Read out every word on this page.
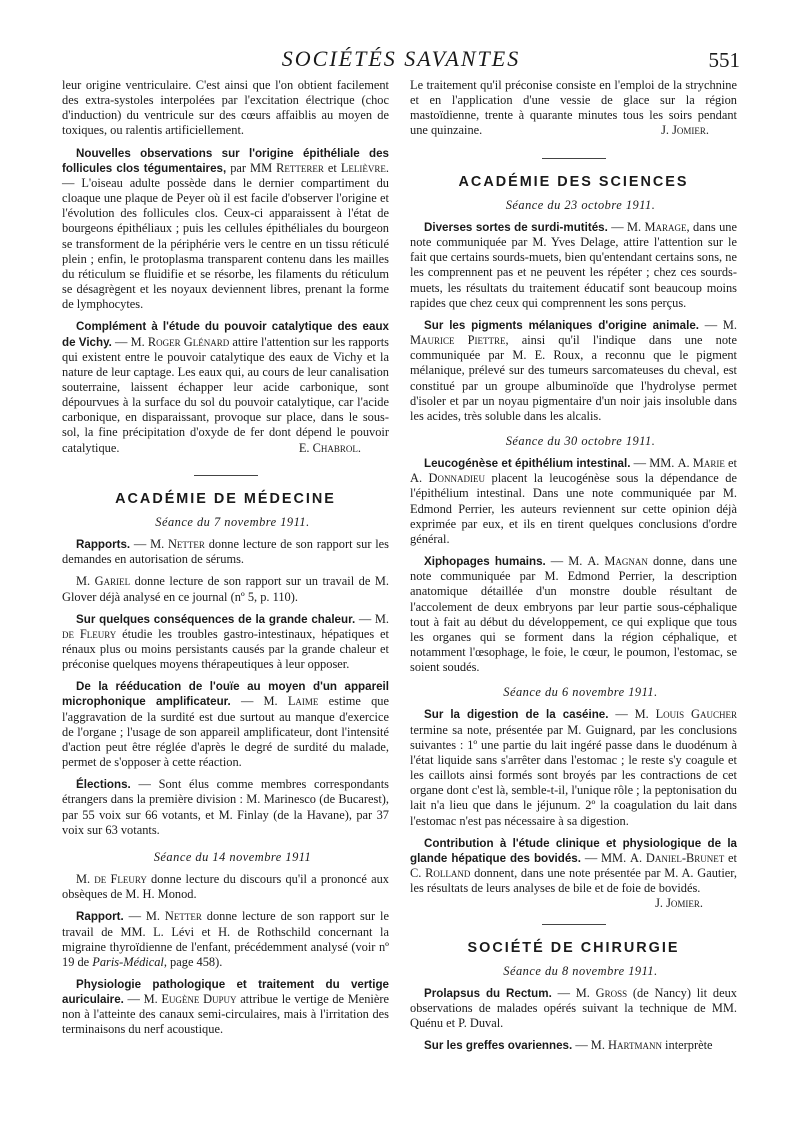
SOCIÉTÉS SAVANTES	551

leur origine ventriculaire. C'est ainsi que l'on obtient facilement des extra-systoles interpolées par l'excitation électrique (choc d'induction) du ventricule sur des cœurs affaiblis au moyen de toxiques, ou ralentis artificiellement.

Nouvelles observations sur l'origine épithéliale des follicules clos tégumentaires, par MM Retterer et Lelièvre. — L'oiseau adulte possède dans le dernier compartiment du cloaque une plaque de Peyer où il est facile d'observer l'origine et l'évolution des follicules clos. Ceux-ci apparaissent à l'état de bourgeons épithéliaux ; puis les cellules épithéliales du bourgeon se transforment de la périphérie vers le centre en un tissu réticulé plein ; enfin, le protoplasma transparent contenu dans les mailles du réticulum se fluidifie et se résorbe, les filaments du réticulum se désagrègent et les noyaux deviennent libres, prenant la forme de lymphocytes.

Complément à l'étude du pouvoir catalytique des eaux de Vichy. — M. Roger Glénard attire l'attention sur les rapports qui existent entre le pouvoir catalytique des eaux de Vichy et la nature de leur captage. Les eaux qui, au cours de leur canalisation souterraine, laissent échapper leur acide carbonique, sont dépourvues à la surface du sol du pouvoir catalytique, car l'acide carbonique, en disparaissant, provoque sur place, dans le sous-sol, la fine précipitation d'oxyde de fer dont dépend le pouvoir catalytique.	E. Chabrol.

ACADÉMIE DE MÉDECINE

Séance du 7 novembre 1911.

Rapports. — M. Netter donne lecture de son rapport sur les demandes en autorisation de sérums.

M. Gariel donne lecture de son rapport sur un travail de M. Glover déjà analysé en ce journal (nº 5, p. 110).

Sur quelques conséquences de la grande chaleur. — M. de Fleury étudie les troubles gastro-intestinaux, hépatiques et rénaux plus ou moins persistants causés par la grande chaleur et préconise quelques moyens thérapeutiques à leur opposer.

De la rééducation de l'ouïe au moyen d'un appareil microphonique amplificateur. — M. Laime estime que l'aggravation de la surdité est due surtout au manque d'exercice de l'organe ; l'usage de son appareil amplificateur, dont l'intensité d'action peut être réglée d'après le degré de surdité du malade, permet de s'opposer à cette réaction.

Élections. — Sont élus comme membres correspondants étrangers dans la première division : M. Marinesco (de Bucarest), par 55 voix sur 66 votants, et M. Finlay (de la Havane), par 37 voix sur 63 votants.

Séance du 14 novembre 1911

M. de Fleury donne lecture du discours qu'il a prononcé aux obsèques de M. H. Monod.

Rapport. — M. Netter donne lecture de son rapport sur le travail de MM. L. Lévi et H. de Rothschild concernant la migraine thyroïdienne de l'enfant, précédemment analysé (voir nº 19 de Paris-Médical, page 458).

Physiologie pathologique et traitement du vertige auriculaire. — M. Eugène Dupuy attribue le vertige de Menière non à l'atteinte des canaux semi-circulaires, mais à l'irritation des terminaisons du nerf acoustique.

Le traitement qu'il préconise consiste en l'emploi de la strychnine et en l'application d'une vessie de glace sur la région mastoïdienne, trente à quarante minutes tous les soirs pendant une quinzaine.	J. Jomier.

ACADÉMIE DES SCIENCES

Séance du 23 octobre 1911.

Diverses sortes de surdi-mutités. — M. Marage, dans une note communiquée par M. Yves Delage, attire l'attention sur le fait que certains sourds-muets, bien qu'entendant certains sons, ne les comprennent pas et ne peuvent les répéter ; chez ces sourds-muets, les résultats du traitement éducatif sont beaucoup moins rapides que chez ceux qui comprennent les sons perçus.

Sur les pigments mélaniques d'origine animale. — M. Maurice Piettre, ainsi qu'il l'indique dans une note communiquée par M. E. Roux, a reconnu que le pigment mélanique, prélevé sur des tumeurs sarcomateuses du cheval, est constitué par un groupe albuminoïde que l'hydrolyse permet d'isoler et par un noyau pigmentaire d'un noir jais insoluble dans les acides, très soluble dans les alcalis.

Séance du 30 octobre 1911.

Leucogénèse et épithélium intestinal. — MM. A. Marie et A. Donnadieu placent la leucogénèse sous la dépendance de l'épithélium intestinal. Dans une note communiquée par M. Edmond Perrier, les auteurs reviennent sur cette opinion déjà exprimée par eux, et ils en tirent quelques conclusions d'ordre général.

Xiphopages humains. — M. A. Magnan donne, dans une note communiquée par M. Edmond Perrier, la description anatomique détaillée d'un monstre double résultant de l'accolement de deux embryons par leur partie sous-céphalique tout à fait au début du développement, ce qui explique que tous les organes qui se forment dans la région céphalique, et notamment l'œsophage, le foie, le cœur, le poumon, l'estomac, se soient soudés.

Séance du 6 novembre 1911.

Sur la digestion de la caséine. — M. Louis Gaucher termine sa note, présentée par M. Guignard, par les conclusions suivantes : 1º une partie du lait ingéré passe dans le duodénum à l'état liquide sans s'arrêter dans l'estomac ; le reste s'y coagule et les caillots ainsi formés sont broyés par les contractions de cet organe dont c'est là, semble-t-il, l'unique rôle ; la peptonisation du lait n'a lieu que dans le jéjunum. 2º la coagulation du lait dans l'estomac n'est pas nécessaire à sa digestion.

Contribution à l'étude clinique et physiologique de la glande hépatique des bovidés. — MM. A. Daniel-Brunet et C. Rolland donnent, dans une note présentée par M. A. Gautier, les résultats de leurs analyses de bile et de foie de bovidés.
J. Jomier.

SOCIÉTÉ DE CHIRURGIE

Séance du 8 novembre 1911.

Prolapsus du Rectum. — M. Gross (de Nancy) lit deux observations de malades opérés suivant la technique de MM. Quénu et P. Duval.

Sur les greffes ovariennes. — M. Hartmann interprète
